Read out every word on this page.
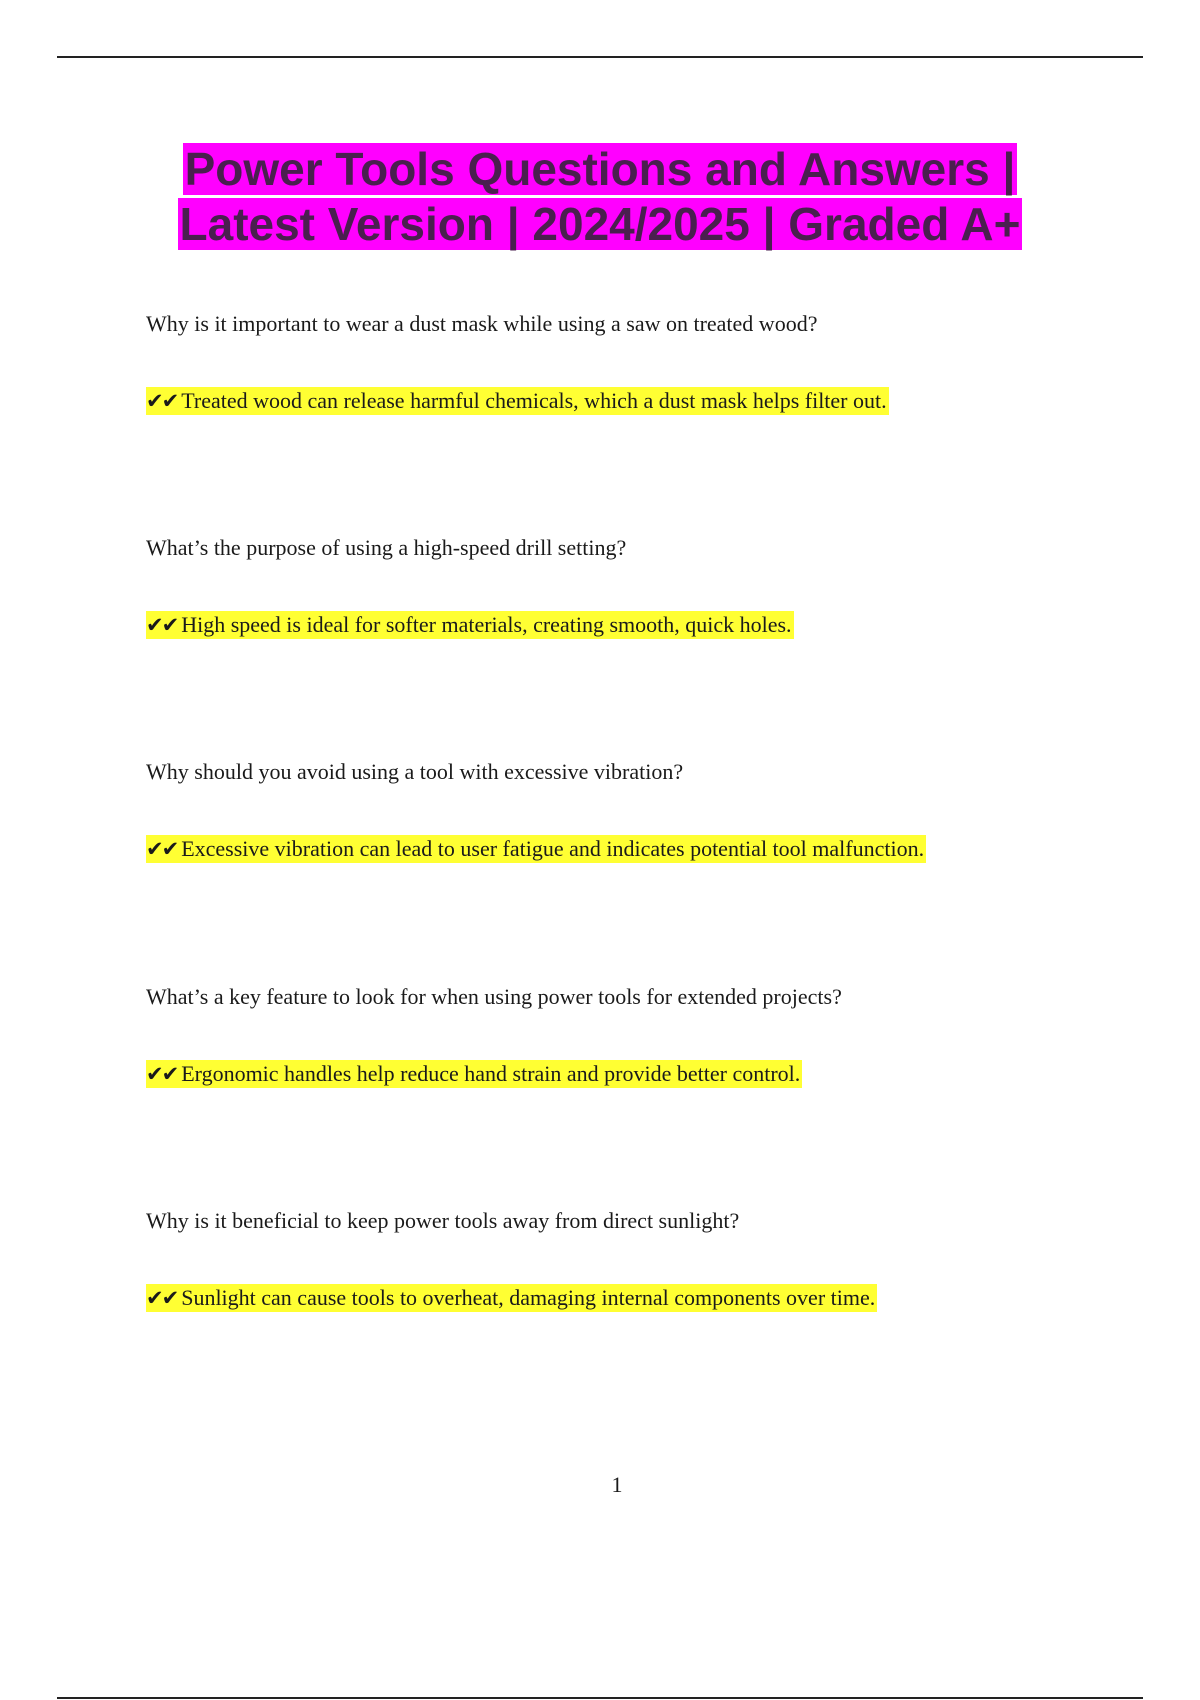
Power Tools Questions and Answers |
Latest Version | 2024/2025 | Graded A+

Why is it important to wear a dust mask while using a saw on treated wood?

✔✔ Treated wood can release harmful chemicals, which a dust mask helps filter out.

What’s the purpose of using a high-speed drill setting?

✔✔ High speed is ideal for softer materials, creating smooth, quick holes.

Why should you avoid using a tool with excessive vibration?

✔✔ Excessive vibration can lead to user fatigue and indicates potential tool malfunction.

What’s a key feature to look for when using power tools for extended projects?

✔✔ Ergonomic handles help reduce hand strain and provide better control.

Why is it beneficial to keep power tools away from direct sunlight?

✔✔ Sunlight can cause tools to overheat, damaging internal components over time.
1
